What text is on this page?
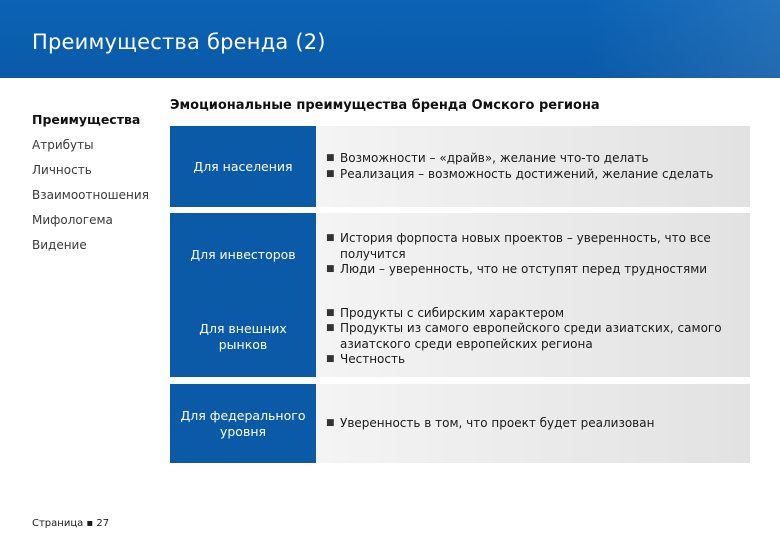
Преимущества бренда (2)
Преимущества
Атрибуты
Личность
Взаимоотношения
Мифологема
Видение
Эмоциональные преимущества бренда Омского региона
Для населения
■ Возможности – «драйв», желание что-то делать
■ Реализация – возможность достижений, желание сделать
Для инвесторов
■ История форпоста новых проектов – уверенность, что все получится
■ Люди – уверенность, что не отступят перед трудностями
Для внешних рынков
■ Продукты с сибирским характером
■ Продукты из самого европейского среди азиатских, самого азиатского среди европейских региона
■ Честность
Для федерального уровня
■ Уверенность в том, что проект будет реализован
Страница ▪ 27
